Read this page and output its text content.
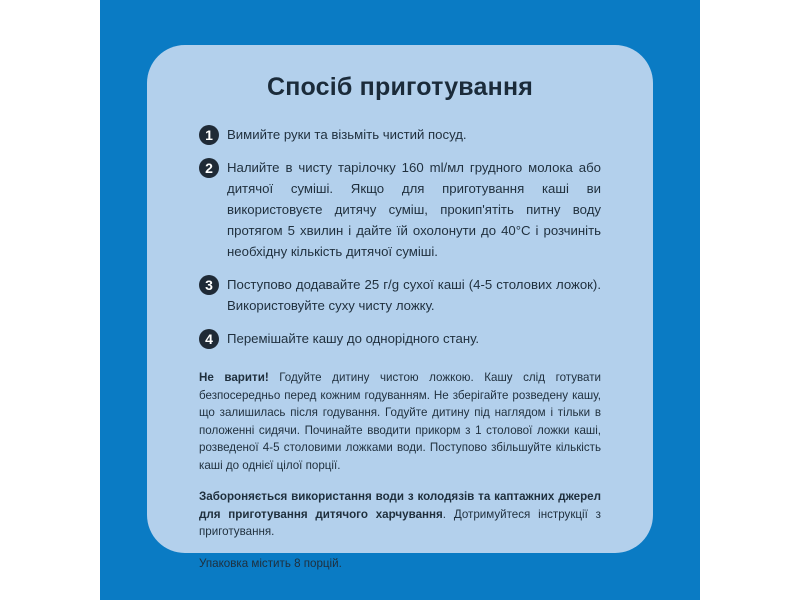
Спосіб приготування
1	Вимийте руки та візьміть чистий посуд.
2	Налийте в чисту тарілочку 160 ml/мл грудного молока або дитячої суміші. Якщо для приготування каші ви використовуєте дитячу суміш, прокип'ятіть питну воду протягом 5 хвилин і дайте їй охолонути до 40°C і розчиніть необхідну кількість дитячої суміші.
3	Поступово додавайте 25 г/g сухої каші (4-5 столових ложок). Використовуйте суху чисту ложку.
4	Перемішайте кашу до однорідного стану.

Не варити! Годуйте дитину чистою ложкою. Кашу слід готувати безпосередньо перед кожним годуванням. Не зберігайте розведену кашу, що залишилась після годування. Годуйте дитину під наглядом і тільки в положенні сидячи. Починайте вводити прикорм з 1 столової ложки каші, розведеної 4-5 столовими ложками води. Поступово збільшуйте кількість каші до однієї цілої порції.

Забороняється використання води з колодязів та каптажних джерел для приготування дитячого харчування. Дотримуйтеся інструкції з приготування.

Упаковка містить 8 порцій.
